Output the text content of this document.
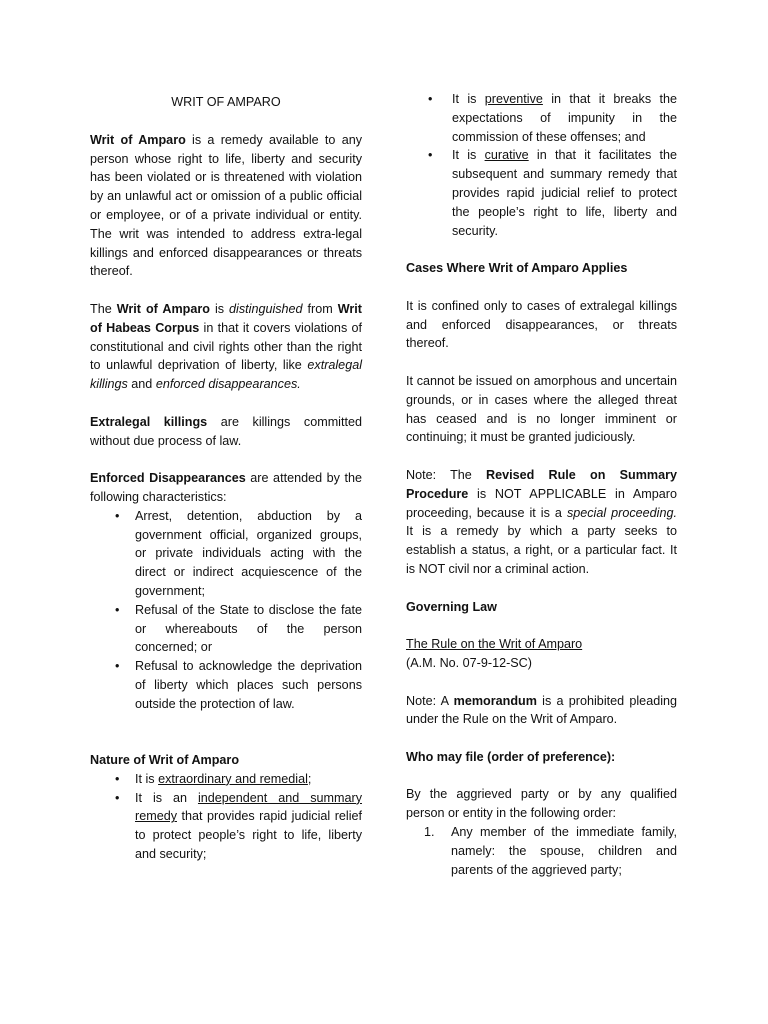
WRIT OF AMPARO

Writ of Amparo is a remedy available to any person whose right to life, liberty and security has been violated or is threatened with violation by an unlawful act or omission of a public official or employee, or of a private individual or entity. The writ was intended to address extra-legal killings and enforced disappearances or threats thereof.

The Writ of Amparo is distinguished from Writ of Habeas Corpus in that it covers violations of constitutional and civil rights other than the right to unlawful deprivation of liberty, like extralegal killings and enforced disappearances.

Extralegal killings are killings committed without due process of law.

Enforced Disappearances are attended by the following characteristics:

• Arrest, detention, abduction by a government official, organized groups, or private individuals acting with the direct or indirect acquiescence of the government;
• Refusal of the State to disclose the fate or whereabouts of the person concerned; or
• Refusal to acknowledge the deprivation of liberty which places such persons outside the protection of law.

Nature of Writ of Amparo

• It is extraordinary and remedial;
• It is an independent and summary remedy that provides rapid judicial relief to protect people’s right to life, liberty and security;
• It is preventive in that it breaks the expectations of impunity in the commission of these offenses; and
• It is curative in that it facilitates the subsequent and summary remedy that provides rapid judicial relief to protect the people’s right to life, liberty and security.

Cases Where Writ of Amparo Applies

It is confined only to cases of extralegal killings and enforced disappearances, or threats thereof.

It cannot be issued on amorphous and uncertain grounds, or in cases where the alleged threat has ceased and is no longer imminent or continuing; it must be granted judiciously.

Note: The Revised Rule on Summary Procedure is NOT APPLICABLE in Amparo proceeding, because it is a special proceeding. It is a remedy by which a party seeks to establish a status, a right, or a particular fact. It is NOT civil nor a criminal action.

Governing Law

The Rule on the Writ of Amparo

(A.M. No. 07-9-12-SC)

Note: A memorandum is a prohibited pleading under the Rule on the Writ of Amparo.

Who may file (order of preference):

By the aggrieved party or by any qualified person or entity in the following order:

1. Any member of the immediate family, namely: the spouse, children and parents of the aggrieved party;
